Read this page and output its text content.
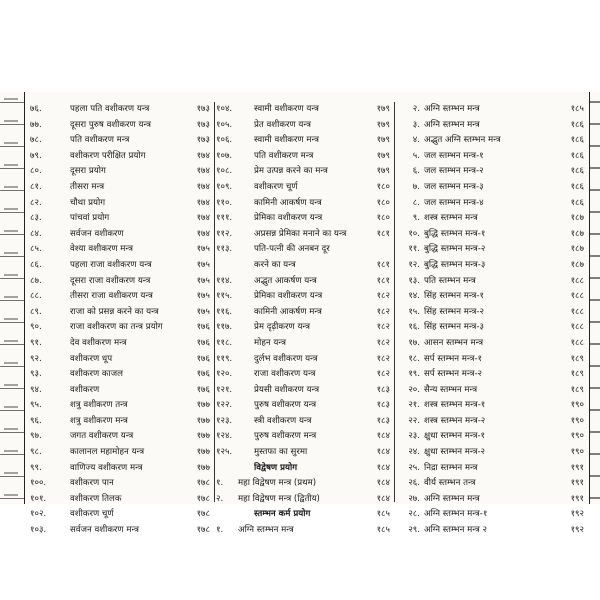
७६.	पहला पति वशीकरण यन्त्र	१७३
७७.	दूसरा पुरुष वशीकरण यन्त्र	१७३
७८.	पति वशीकरण मन्त्र	१७३
७९.	वशीकरण परीक्षित प्रयोग	१७४
८०.	दूसरा प्रयोग	१७४
८१.	तीसरा मन्त्र	१७४
८२.	चौथा प्रयोग	१७४
८३.	पांचवां प्रयोग	१७४
८४.	सर्वजन वशीकरण	१७४
८५.	वेश्या वशीकरण मन्त्र	१७५
८६.	पहला राजा वशीकरण यन्त्र	१७५
८७.	दूसरा राजा वशीकरण यन्त्र	१७५
८८.	तीसरा राजा वशीकरण यन्त्र	१७५
८९.	राजा को प्रसन्न करने का यन्त्र	१७५
९०.	राजा वशीकरण का तन्त्र प्रयोग	१७६
९१.	देव वशीकरण मन्त्र	१७६
९२.	वशीकरण धूप	१७६
९३.	वशीकरण काजल	१७६
९४.	वशीकरण	१७६
९५.	शत्रु वशीकरण तन्त्र	१७७
९६.	शत्रु वशीकरण मन्त्र	१७७
९७.	जगत वशीकरण यन्त्र	१७७
९८.	कालानल महामोहन यन्त्र	१७७
९९.	वाणिज्य वशीकरण मन्त्र	१७७
१००.	वशीकरण पान	१७८
१०१.	वशीकरण तिलक	१७८
१०२.	वशीकरण चूर्ण	१७८
१०३.	सर्वजन वशीकरण मन्त्र	१७८
१०४.	स्वामी वशीकरण यन्त्र	१७९
१०५.	प्रेत वशीकरण यन्त्र	१७९
१०६.	स्वामी वशीकरण मन्त्र	१७९
१०७.	पति वशीकरण मन्त्र	१७९
१०८.	प्रेम उत्पन्न करने का मन्त्र	१७९
१०९.	वशीकरण चूर्ण	१८०
११०.	कामिनी आकर्षण यन्त्र	१८०
१११.	प्रेमिका वशीकरण यन्त्र	१८०
११२.	अप्रसन्न प्रेमिका मनाने का यन्त्र	१८१
११३.	पति-पत्नी की अनबन दूर
करने का यन्त्र	१८१
११४.	अद्भुत आकर्षण यन्त्र	१८१
११५.	प्रेमिका वशीकरण यन्त्र	१८२
११६.	कामिनी आकर्षण मन्त्र	१८२
११७.	प्रेम दृढ़ीकरण यन्त्र	१८२
११८.	मोहन यन्त्र	१८२
११९.	दुर्लभ वशीकरण यन्त्र	१८२
१२०.	राजा वशीकरण यन्त्र	१८२
१२१.	प्रेयसी वशीकरण यन्त्र	१८३
१२२.	पुरुष वशीकरण यन्त्र	१८३
१२३.	स्त्री वशीकरण यन्त्र	१८३
१२४.	पुरुष वशीकरण मन्त्र	१८४
१२५.	मुस्तफा का सुरमा	१८४
विद्वेषण प्रयोग	१८४
१.	महा विद्वेषण मन्त्र (प्रथम)	१८४
२.	महा विद्वेषण मन्त्र (द्वितीय)	१८४
स्तम्भन कर्म प्रयोग	१८५
१.	अग्नि स्तम्भन मन्त्र	१८५
२. अग्नि स्तम्भन मन्त्र	१८५
३. अग्नि स्तम्भन मन्त्र	१८६
४. अद्भुत अग्नि स्तम्भन मन्त्र	१८६
५. जल स्तम्भन मन्त्र-१	१८६
६. जल स्तम्भन मन्त्र-२	१८६
७. जल स्तम्भन मन्त्र-३	१८६
८. जल स्तम्भन मन्त्र-४	१८६
९. शस्त्र स्तम्भन मन्त्र	१८७
१०. बुद्धि स्तम्भन मन्त्र-१	१८७
११. बुद्धि स्तम्भन मन्त्र-२	१८७
१२. बुद्धि स्तम्भन मन्त्र-३	१८७
१३. पति स्तम्भन मन्त्र	१८८
१४. सिंह स्तम्भन मन्त्र-१	१८८
१५. सिंह स्तम्भन मन्त्र-२	१८८
१६. सिंह स्तम्भन मन्त्र-३	१८८
१७. आसन स्तम्भन मन्त्र	१८८
१८. सर्प स्तम्भन मन्त्र-१	१८९
१९. सर्प स्तम्भन मन्त्र-२	१८९
२०. सैन्य स्तम्भन मन्त्र	१८९
२१. शस्त्र स्तम्भन मन्त्र-१	१९०
२२. शस्त्र स्तम्भन मन्त्र-२	१९०
२३. क्षुधा स्तम्भन मन्त्र-१	१९०
२४. क्षुधा स्तम्भन मन्त्र-२	१९०
२५. निद्रा स्तम्भन मन्त्र	१९१
२६. वीर्य स्तम्भन तन्त्र	१९१
२७. अग्नि स्तम्भन मन्त्र	१९१
२८. अग्नि स्तम्भन मन्त्र-१	१९२
२९. अग्नि स्तम्भन मन्त्र २	१९२
